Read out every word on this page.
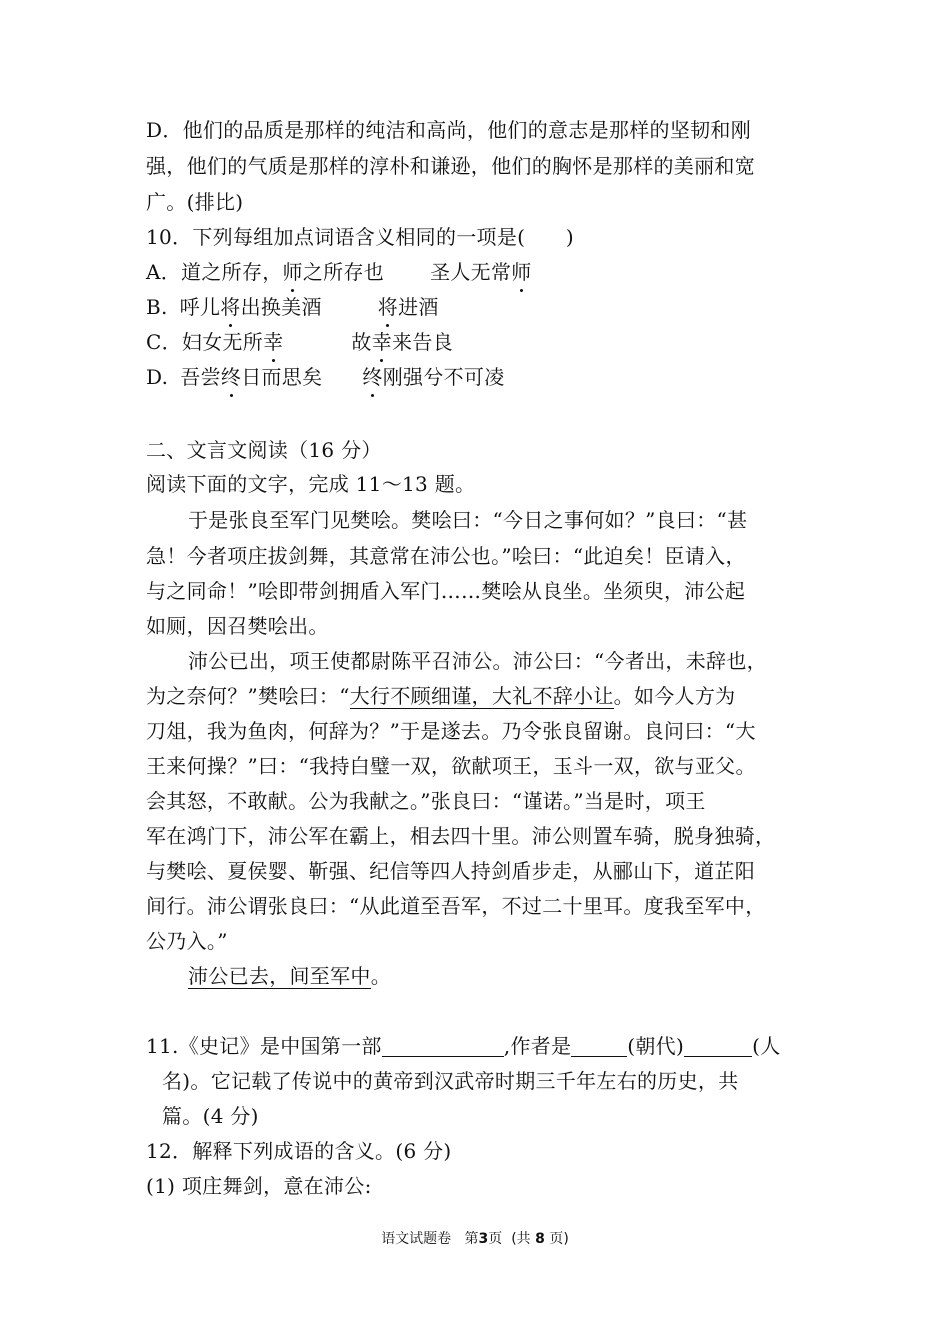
D．他们的品质是那样的纯洁和高尚，他们的意志是那样的坚韧和刚
强，他们的气质是那样的淳朴和谦逊，他们的胸怀是那样的美丽和宽
广。(排比)
10．下列每组加点词语含义相同的一项是(　　)
A．道之所存，师之所存也 圣人无常师
B. 呼儿将出换美酒	将进酒
C．妇女无所幸	故幸来告良
D. 吾尝终日而思矣 终刚强兮不可凌
二、文言文阅读（16 分）
阅读下面的文字，完成 11～13 题。
于是张良至军门见樊哙。樊哙曰：“今日之事何如？”良曰：“甚
急！今者项庄拔剑舞，其意常在沛公也。”哙曰：“此迫矣！臣请入，
与之同命！”哙即带剑拥盾入军门……樊哙从良坐。坐须臾，沛公起
如厕，因召樊哙出。
沛公已出，项王使都尉陈平召沛公。沛公曰：“今者出，未辞也，
为之奈何？”樊哙曰：“大行不顾细谨，大礼不辞小让。如今人方为
刀俎，我为鱼肉，何辞为？”于是遂去。乃令张良留谢。良问曰：“大
王来何操？”曰：“我持白璧一双，欲献项王，玉斗一双，欲与亚父。
会其怒，不敢献。公为我献之。”张良曰：“谨诺。”当是时，项王
军在鸿门下，沛公军在霸上，相去四十里。沛公则置车骑，脱身独骑，
与樊哙、夏侯婴、靳强、纪信等四人持剑盾步走，从郦山下，道芷阳
间行。沛公谓张良曰：“从此道至吾军，不过二十里耳。度我至军中，
公乃入。”
沛公已去，间至军中。
11.《史记》是中国第一部	,作者是	(朝代)	(人
名)。它记载了传说中的黄帝到汉武帝时期三千年左右的历史，共
篇。(4 分)
12．解释下列成语的含义。(6 分)
(1) 项庄舞剑，意在沛公:
语文试题卷 第3页 (共 8 页)
